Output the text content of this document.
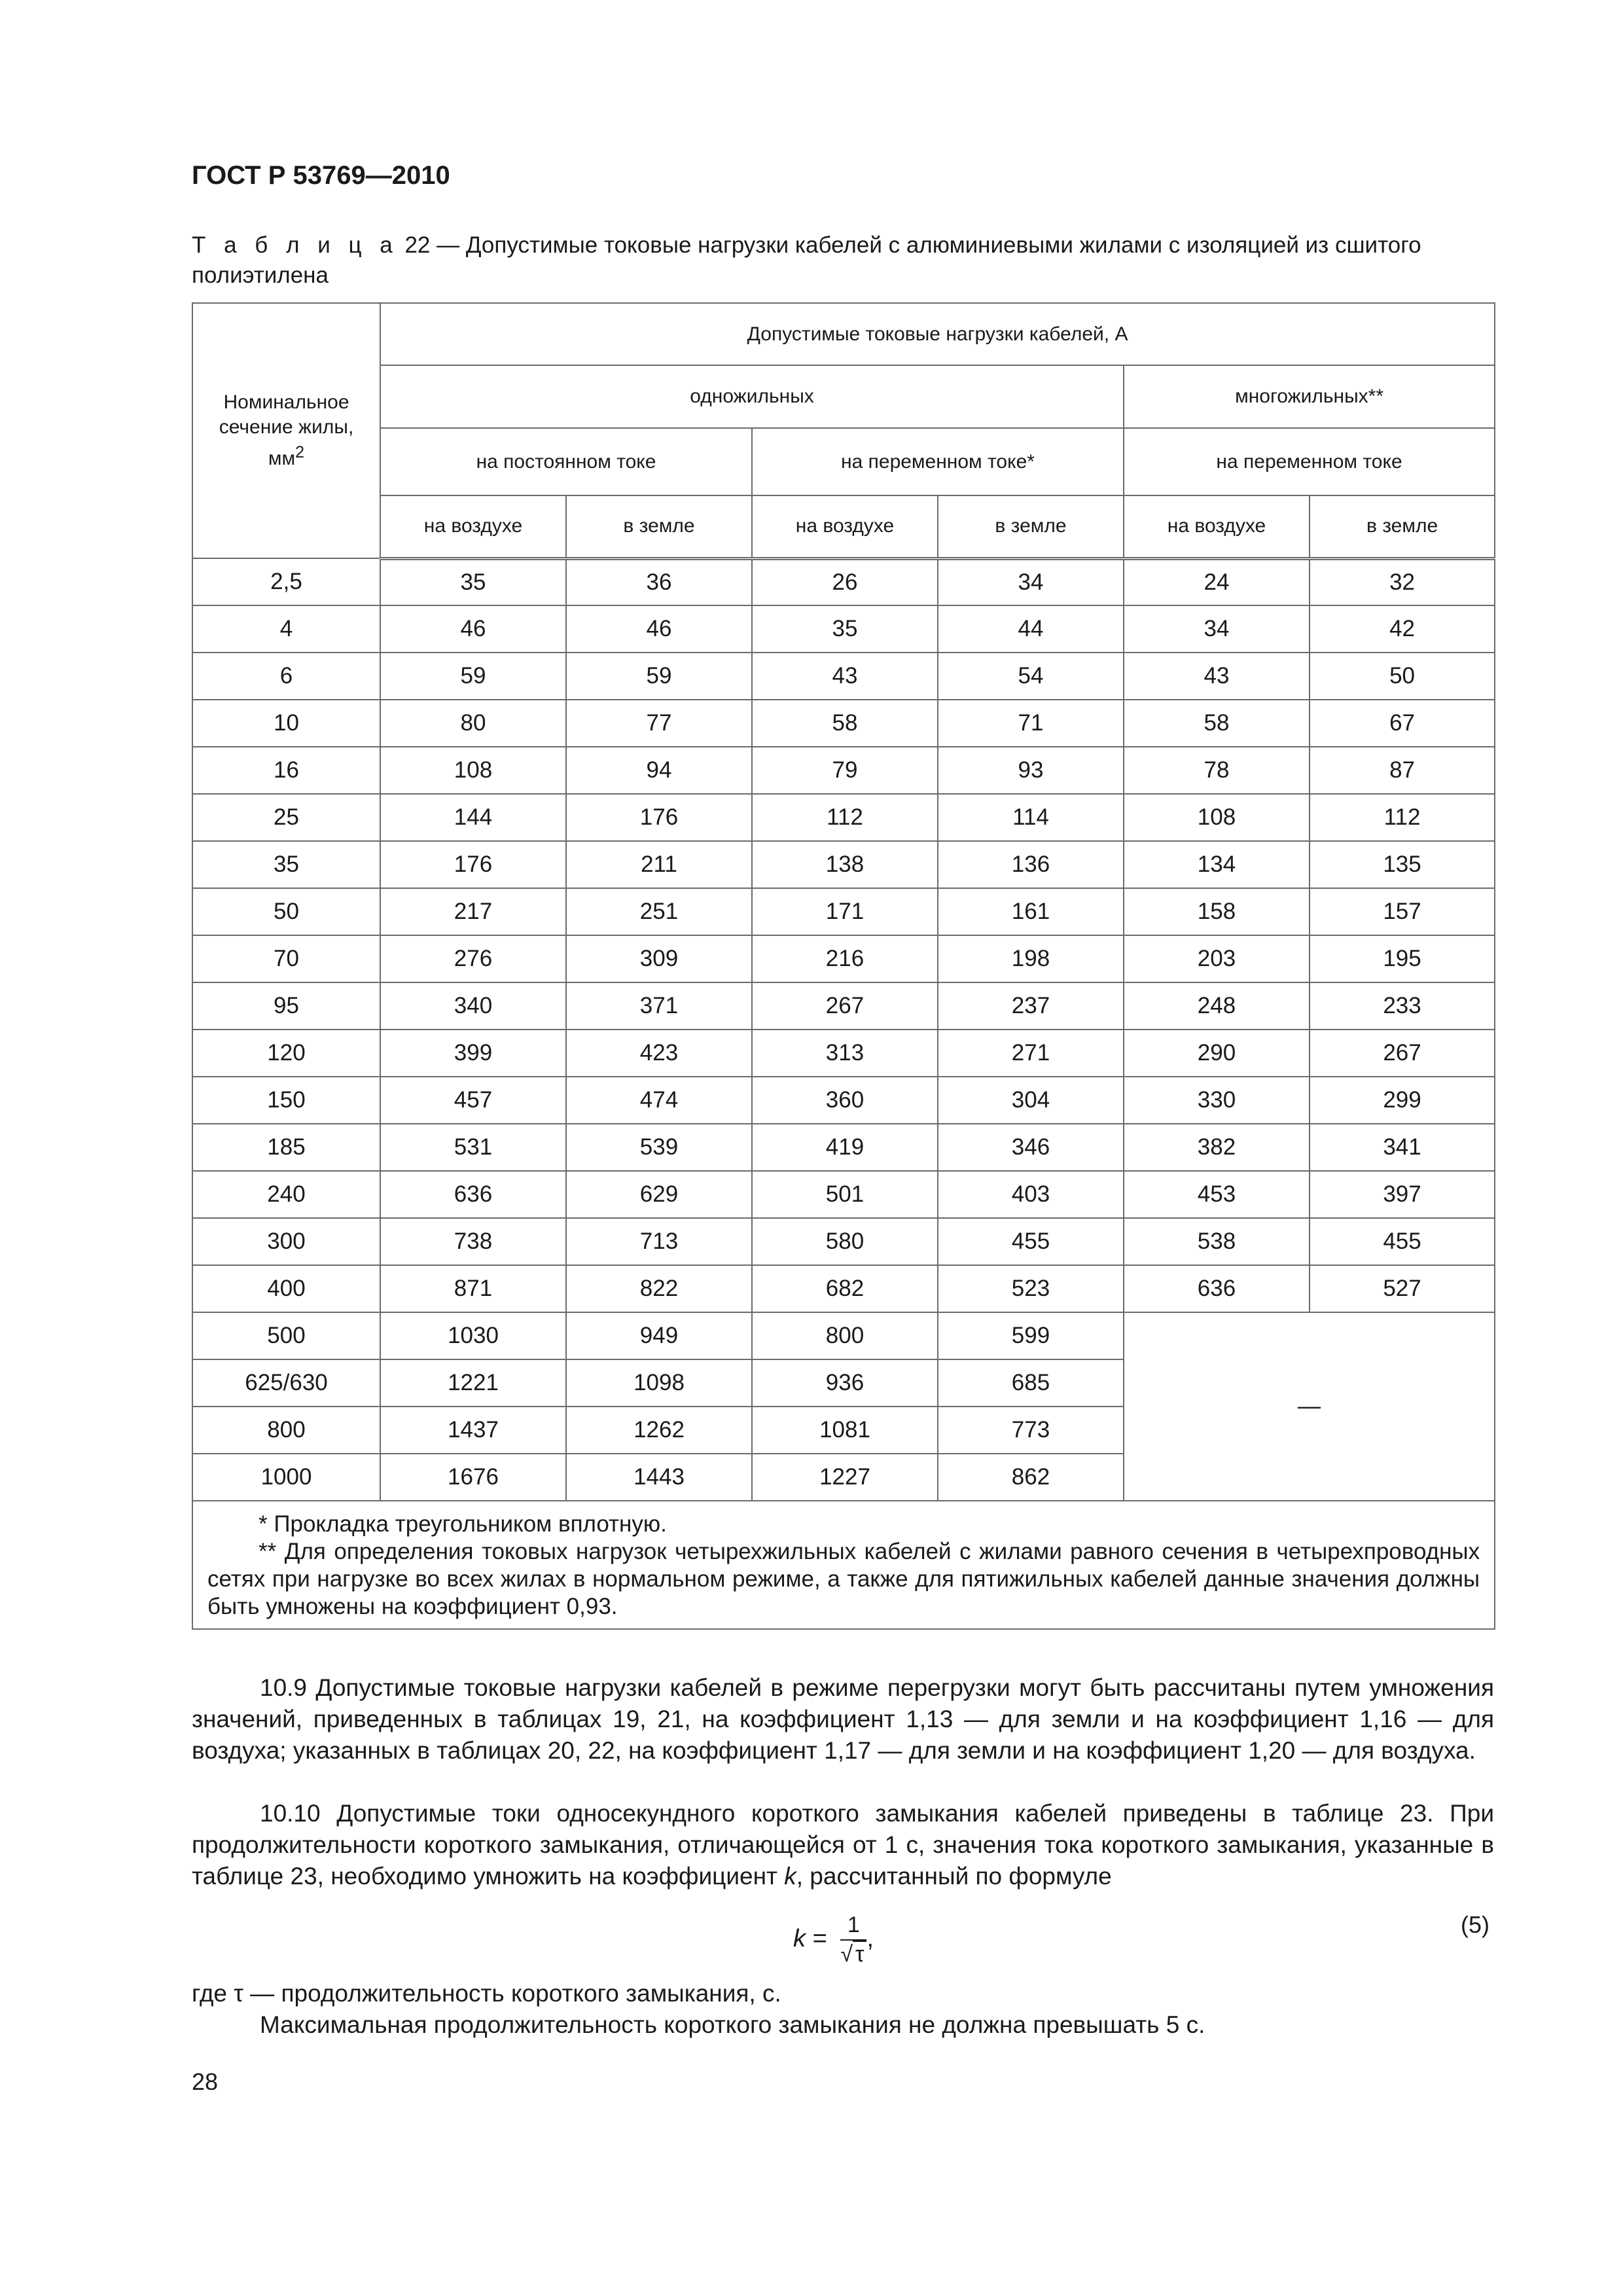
ГОСТ Р 53769—2010
Т а б л и ц а 22 — Допустимые токовые нагрузки кабелей с алюминиевыми жилами с изоляцией из сшитого полиэтилена
Номинальное
сечение жилы,
$мм^2$	Допустимые токовые нагрузки кабелей, А					
	одножильных				многожильных**	
	на постоянном токе		на переменном токе*		на переменном токе	
	на воздухе	в земле	на воздухе	в земле	на воздухе	в земле
2,5	35	36	26	34	24	32
4	46	46	35	44	34	42
6	59	59	43	54	43	50
10	80	77	58	71	58	67
16	108	94	79	93	78	87
25	144	176	112	114	108	112
35	176	211	138	136	134	135
50	217	251	171	161	158	157
70	276	309	216	198	203	195
95	340	371	267	237	248	233
120	399	423	313	271	290	267
150	457	474	360	304	330	299
185	531	539	419	346	382	341
240	636	629	501	403	453	397
300	738	713	580	455	538	455
400	871	822	682	523	636	527
500	1030	949	800	599	—	
625/630	1221	1098	936	685		
800	1437	1262	1081	773		
1000	1676	1443	1227	862		

* Прокладка треугольником вплотную.
** Для определения токовых нагрузок четырехжильных кабелей с жилами равного сечения в четырехпроводных сетях при нагрузке во всех жилах в нормальном режиме, а также для пятижильных кабелей данные значения должны быть умножены на коэффициент 0,93.						
10.9 Допустимые токовые нагрузки кабелей в режиме перегрузки могут быть рассчитаны путем умножения значений, приведенных в таблицах 19, 21, на коэффициент 1,13 — для земли и на коэффициент 1,16 — для воздуха; указанных в таблицах 20, 22, на коэффициент 1,17 — для земли и на коэффициент 1,20 — для воздуха.
10.10 Допустимые токи односекундного короткого замыкания кабелей приведены в таблице 23. При продолжительности короткого замыкания, отличающейся от 1 с, значения тока короткого замыкания, указанные в таблице 23, необходимо умножить на коэффициент k, рассчитанный по формуле
$k = \frac{1}{√ \tau}$ ,
(5)
где τ — продолжительность короткого замыкания, с.
Максимальная продолжительность короткого замыкания не должна превышать 5 с.
28
